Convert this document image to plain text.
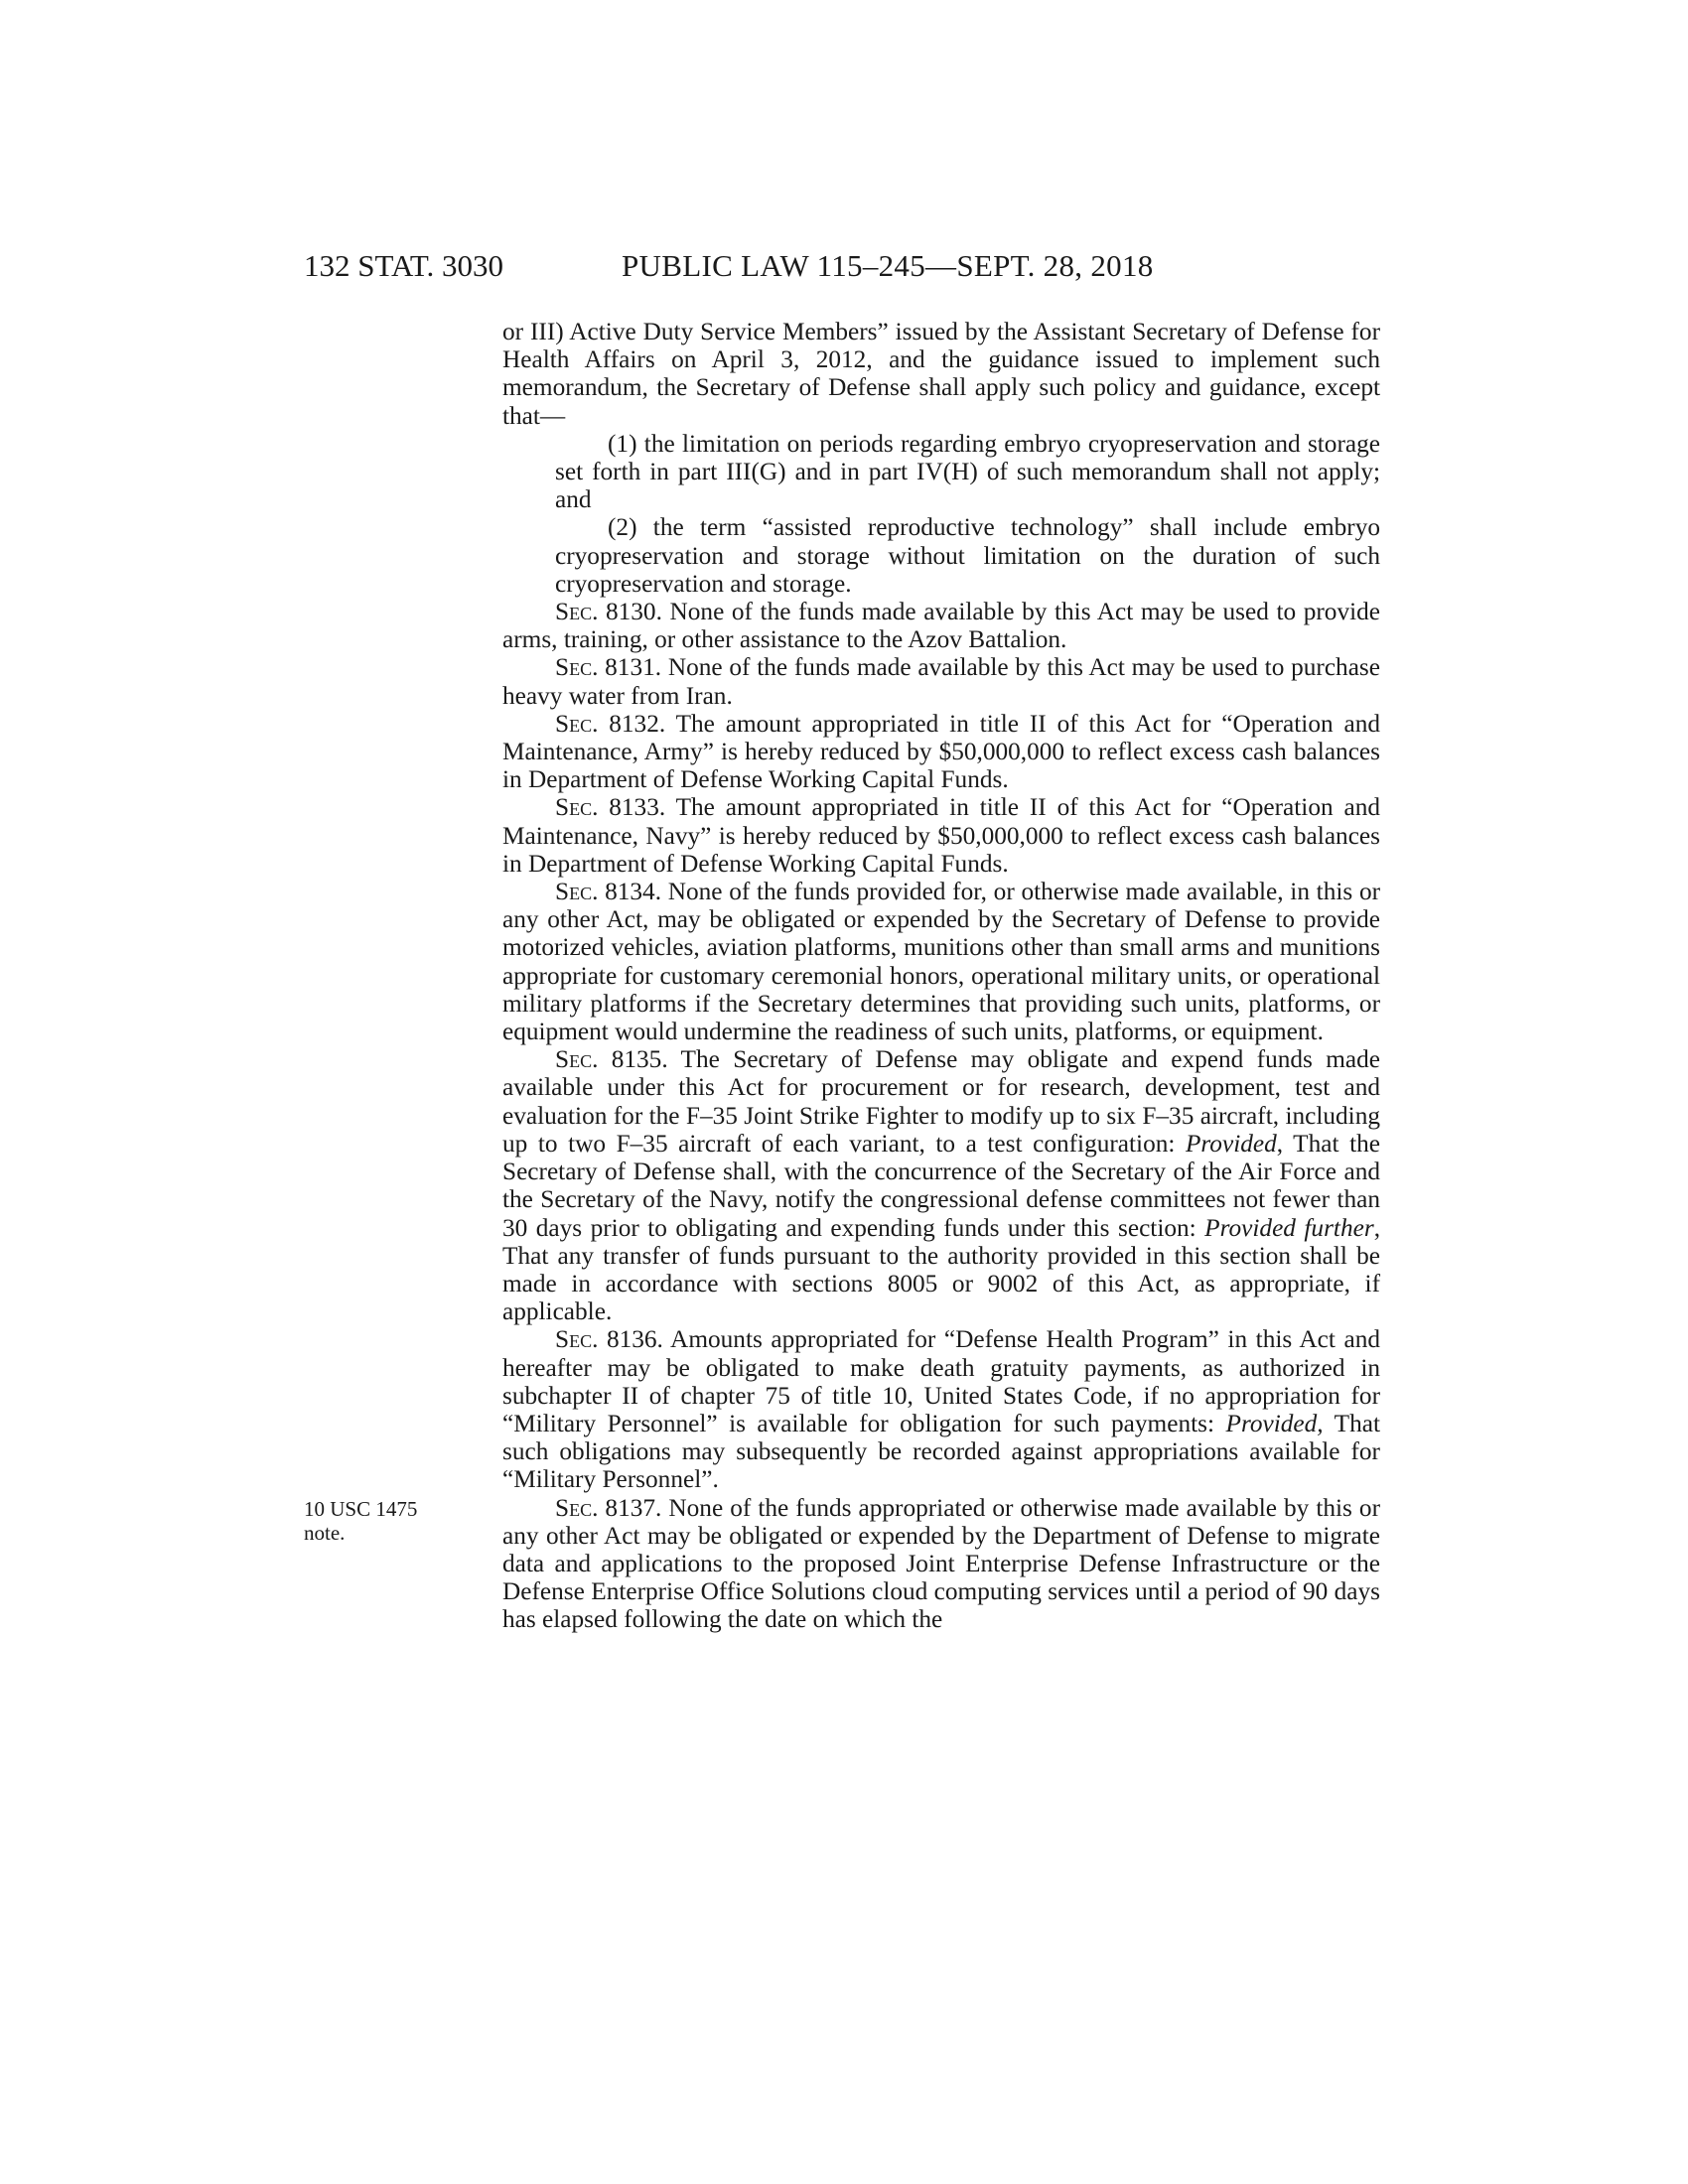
132 STAT. 3030	PUBLIC LAW 115–245—SEPT. 28, 2018
10 USC 1475
note.

or III) Active Duty Service Members” issued by the Assistant Secretary of Defense for Health Affairs on April 3, 2012, and the guidance issued to implement such memorandum, the Secretary of Defense shall apply such policy and guidance, except that—

(1) the limitation on periods regarding embryo cryopreservation and storage set forth in part III(G) and in part IV(H) of such memorandum shall not apply; and

(2) the term “assisted reproductive technology” shall include embryo cryopreservation and storage without limitation on the duration of such cryopreservation and storage.

Sec. 8130. None of the funds made available by this Act may be used to provide arms, training, or other assistance to the Azov Battalion.

Sec. 8131. None of the funds made available by this Act may be used to purchase heavy water from Iran.

Sec. 8132. The amount appropriated in title II of this Act for “Operation and Maintenance, Army” is hereby reduced by $50,000,000 to reflect excess cash balances in Department of Defense Working Capital Funds.

Sec. 8133. The amount appropriated in title II of this Act for “Operation and Maintenance, Navy” is hereby reduced by $50,000,000 to reflect excess cash balances in Department of Defense Working Capital Funds.

Sec. 8134. None of the funds provided for, or otherwise made available, in this or any other Act, may be obligated or expended by the Secretary of Defense to provide motorized vehicles, aviation platforms, munitions other than small arms and munitions appropriate for customary ceremonial honors, operational military units, or operational military platforms if the Secretary determines that providing such units, platforms, or equipment would undermine the readiness of such units, platforms, or equipment.

Sec. 8135. The Secretary of Defense may obligate and expend funds made available under this Act for procurement or for research, development, test and evaluation for the F–35 Joint Strike Fighter to modify up to six F–35 aircraft, including up to two F–35 aircraft of each variant, to a test configuration: Provided, That the Secretary of Defense shall, with the concurrence of the Secretary of the Air Force and the Secretary of the Navy, notify the congressional defense committees not fewer than 30 days prior to obligating and expending funds under this section: Provided further, That any transfer of funds pursuant to the authority provided in this section shall be made in accordance with sections 8005 or 9002 of this Act, as appropriate, if applicable.

Sec. 8136. Amounts appropriated for “Defense Health Program” in this Act and hereafter may be obligated to make death gratuity payments, as authorized in subchapter II of chapter 75 of title 10, United States Code, if no appropriation for “Military Personnel” is available for obligation for such payments: Provided, That such obligations may subsequently be recorded against appropriations available for “Military Personnel”.

Sec. 8137. None of the funds appropriated or otherwise made available by this or any other Act may be obligated or expended by the Department of Defense to migrate data and applications to the proposed Joint Enterprise Defense Infrastructure or the Defense Enterprise Office Solutions cloud computing services until a period of 90 days has elapsed following the date on which the
